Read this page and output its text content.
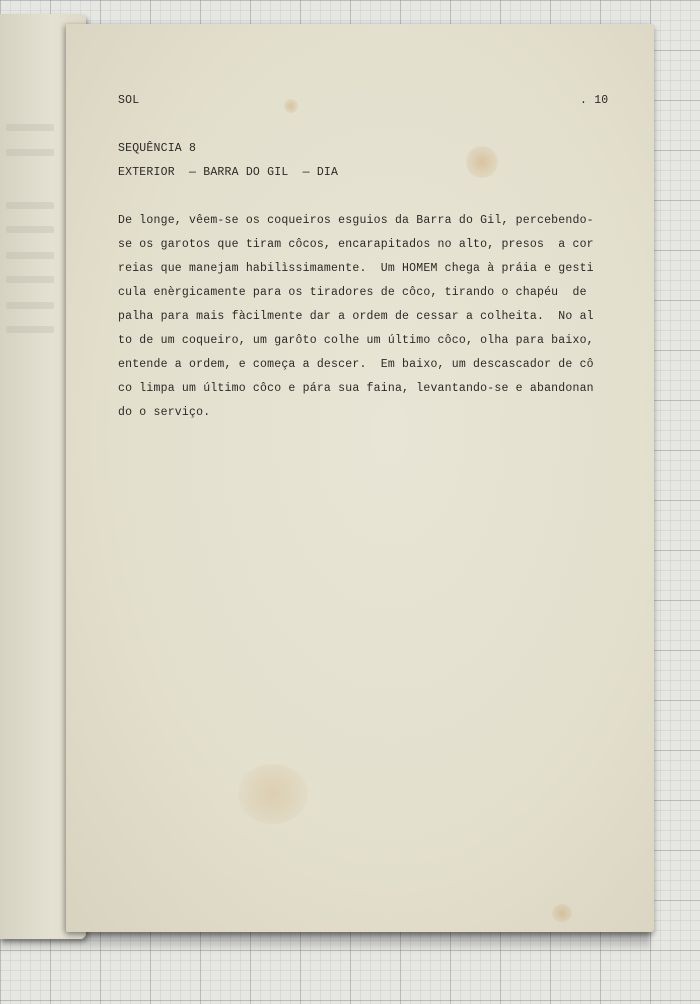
SOL	. 10
SEQUÊNCIA 8
EXTERIOR  — BARRA DO GIL  — DIA
De longe, vêem-se os coqueiros esguios da Barra do Gil, percebendo-
se os garotos que tiram côcos, encarapitados no alto, presos  a cor
reias que manejam habilìssimamente.  Um HOMEM chega à práia e gesti
cula enèrgicamente para os tiradores de côco, tirando o chapéu  de
palha para mais fàcilmente dar a ordem de cessar a colheita.  No al
to de um coqueiro, um garôto colhe um último côco, olha para baixo,
entende a ordem, e começa a descer.  Em baixo, um descascador de cô
co limpa um último côco e pára sua faina, levantando-se e abandonan
do o serviço.
